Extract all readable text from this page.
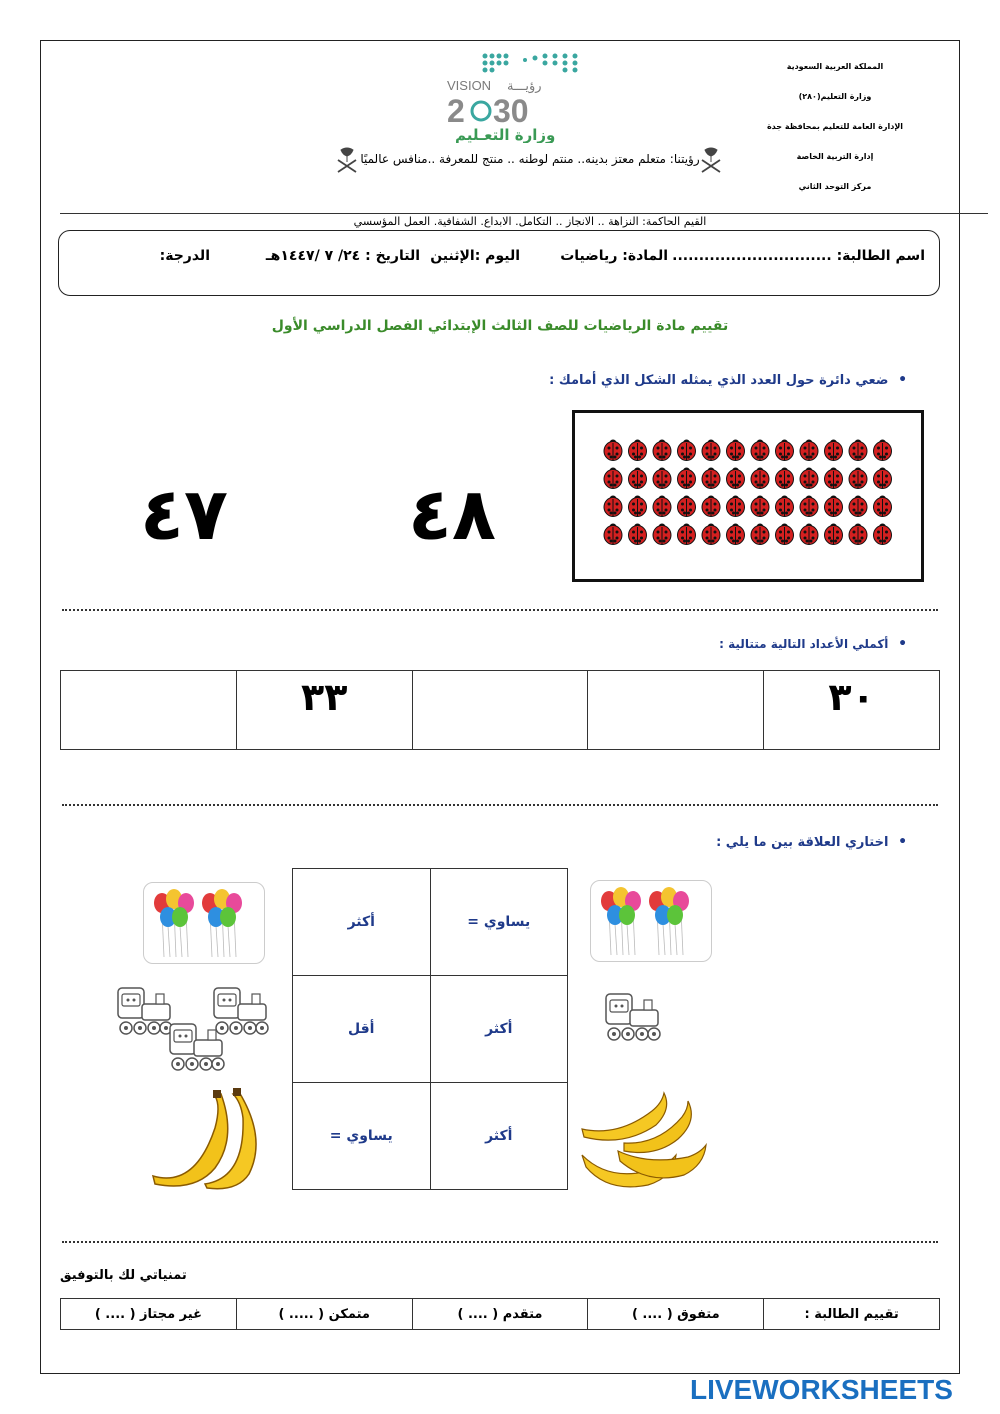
المملكة العربية السعودية
وزارة التعليم(٢٨٠)
الإدارة العامة للتعليم بمحافظة جدة
إدارة التربية الخاصة
مركز التوحد الثاني
VISION رؤيـــة
2 30
وزارة التعـليم
رؤيتنا: متعلم معتز بدينه.. منتم لوطنه .. منتج للمعرفة ..منافس عالميًا
القيم الحاكمة: النزاهة .. الانجاز .. التكامل. الابداع. الشفافية. العمل المؤسسي
اسم الطالبة: ..............................
المادة: رياضيات
اليوم :الإثنين
التاريخ : ٢٤/ ٧ /١٤٤٧هـ
الدرجة:
تقييم مادة الرياضيات للصف الثالث الإبتدائي الفصل الدراسي الأول
•  ضعي دائرة حول العدد الذي يمثله الشكل الذي أمامك :
٤٨
٤٧
•  أكملي الأعداد التالية متتالية :
٣٠			٣٣	
•  اختاري العلاقة بين ما يلي :
يساوي =	أكثر
أكثر	أقل
أكثر	يساوي =
تمنياتي لك بالتوفيق
تقييم الطالبة :	متفوق ( .... )	متقدم ( .... )	متمكن ( ..... )	غير مجتاز ( .... )
LIVEWORKSHEETS
